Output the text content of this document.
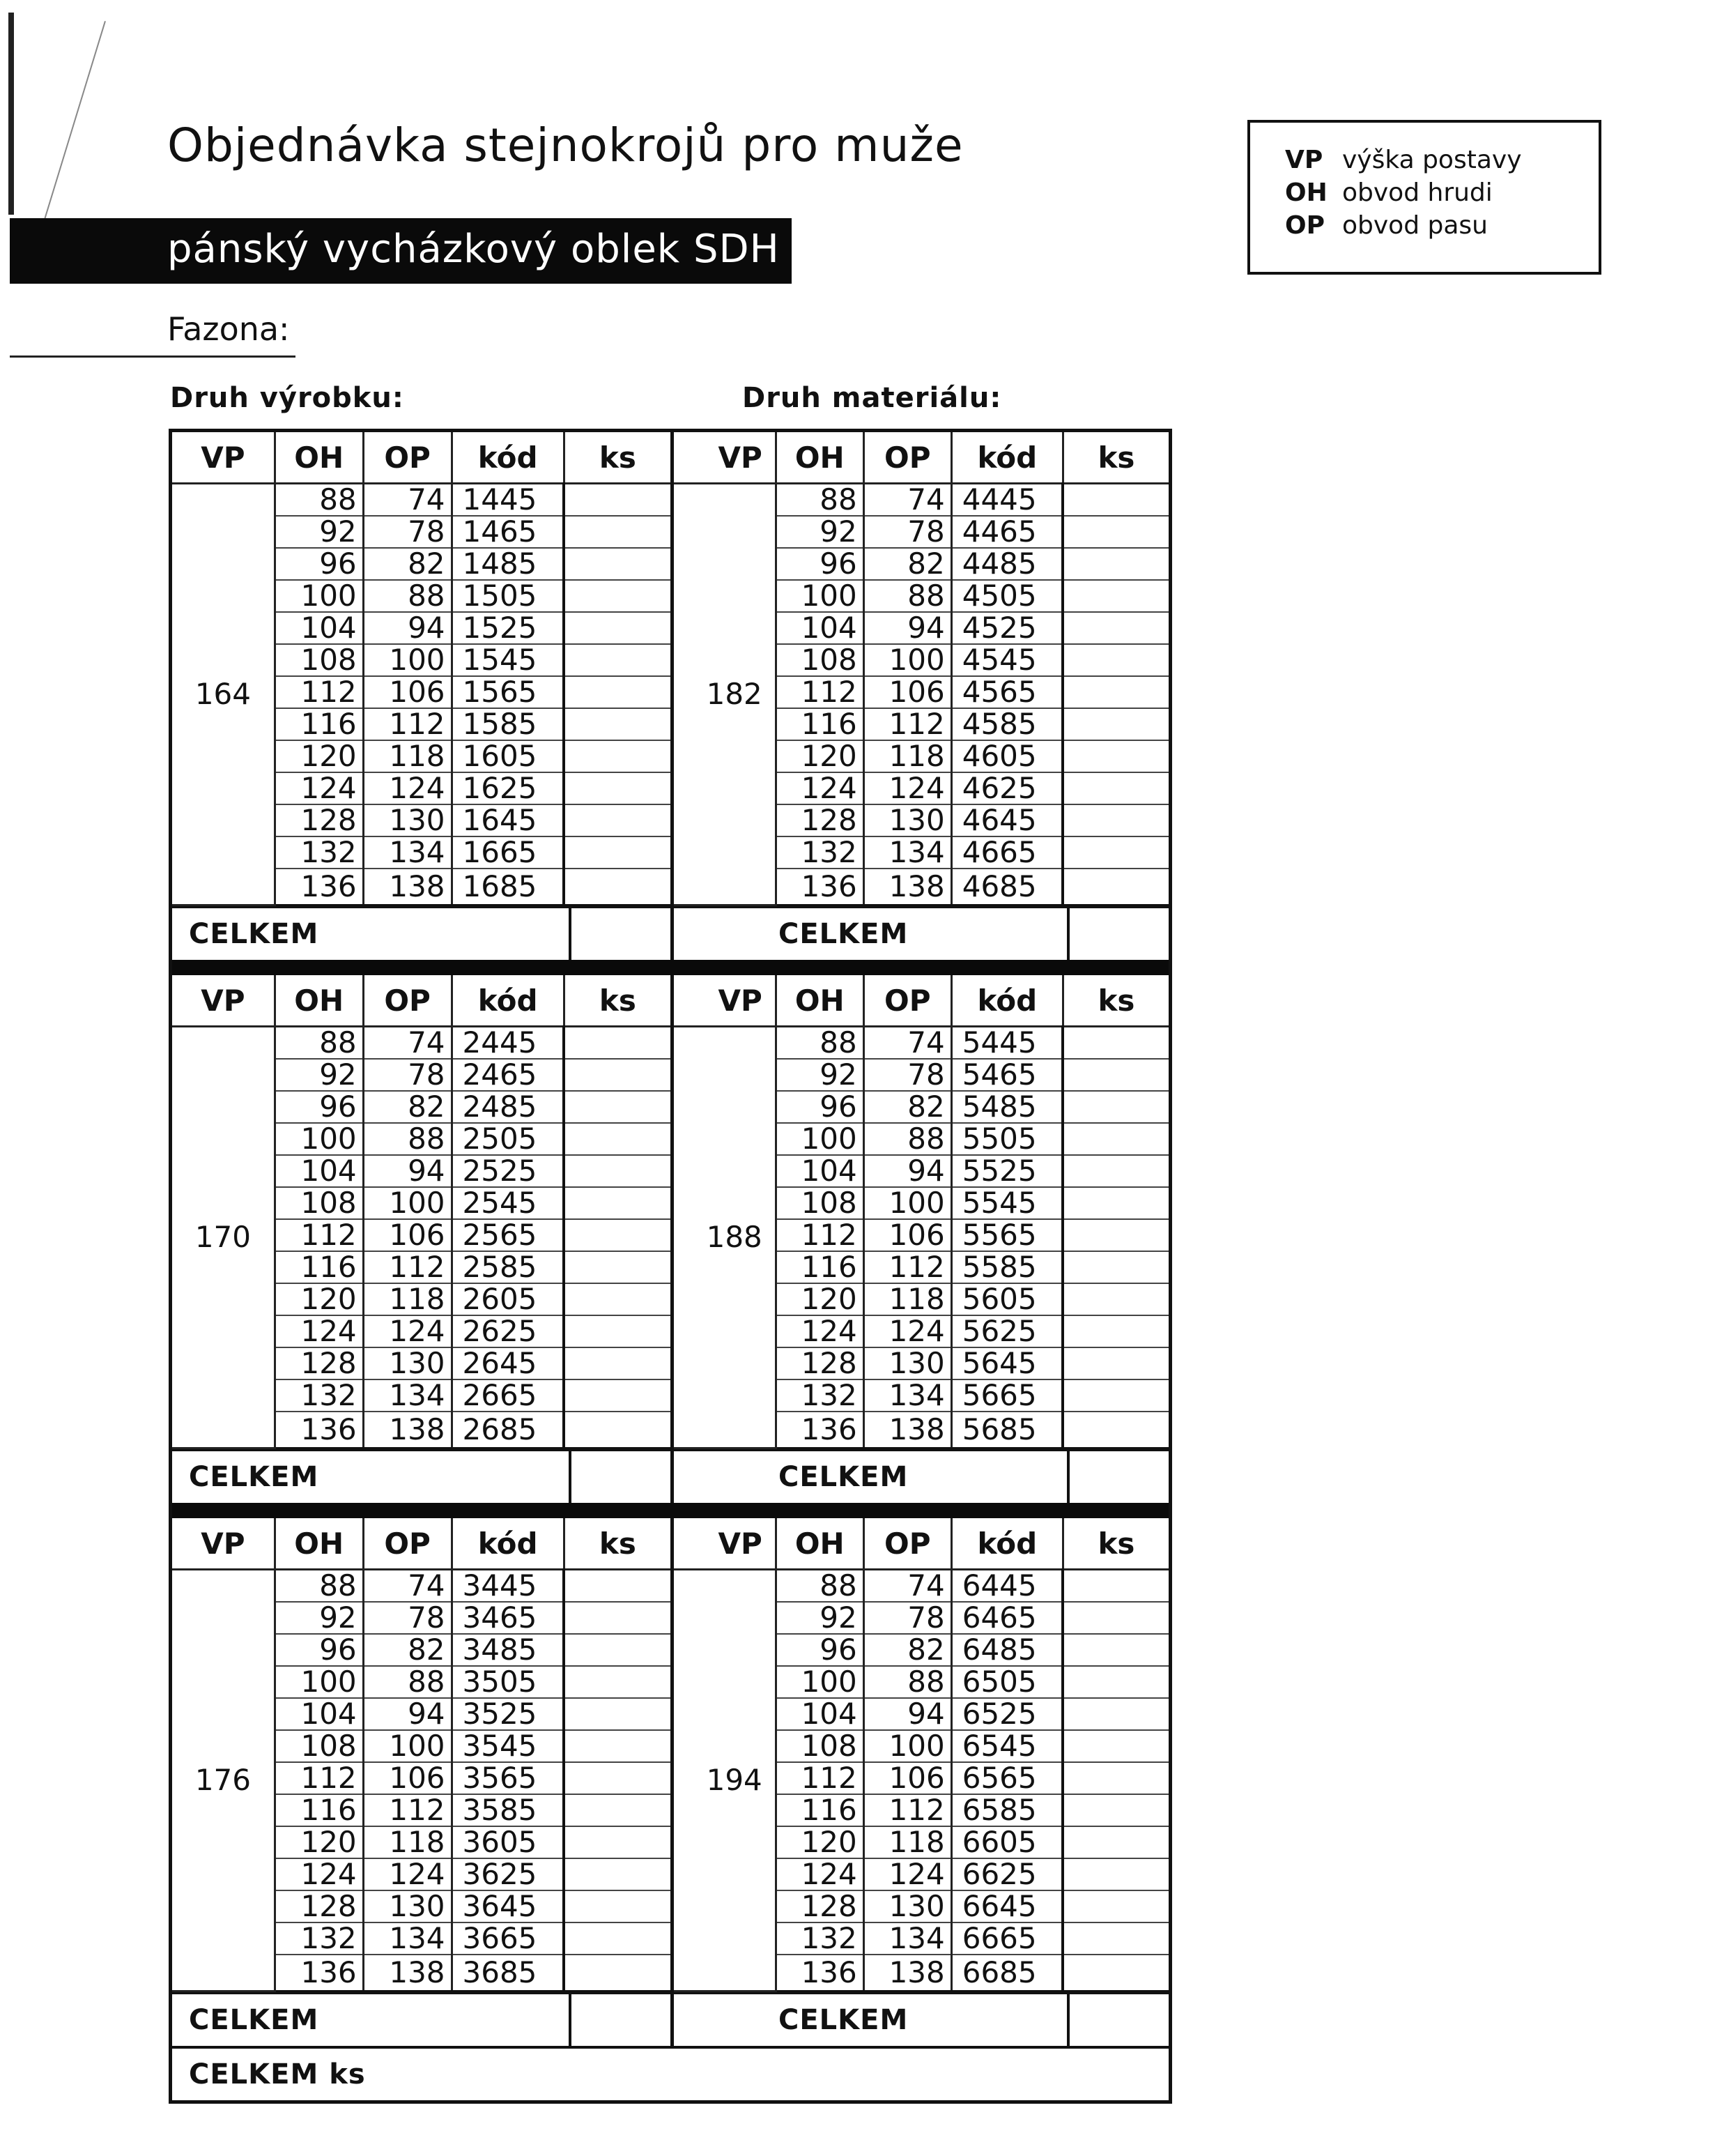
Objednávka stejnokrojů pro muže
pánský vycházkový oblek SDH
Fazona:
VP výška postavy
OH obvod hrudi
OP obvod pasu
Druh výrobku:	Druh materiálu:
VP	OH	OP	kód	ks
164	88	74	1445	
	92	78	1465	
	96	82	1485	
	100	88	1505	
	104	94	1525	
	108	100	1545	
	112	106	1565	
	116	112	1585	
	120	118	1605	
	124	124	1625	
	128	130	1645	
	132	134	1665	
	136	138	1685	
CELKEM
VP	OH	OP	kód	ks
182	88	74	4445	
	92	78	4465	
	96	82	4485	
	100	88	4505	
	104	94	4525	
	108	100	4545	
	112	106	4565	
	116	112	4585	
	120	118	4605	
	124	124	4625	
	128	130	4645	
	132	134	4665	
	136	138	4685	
CELKEM
VP	OH	OP	kód	ks
170	88	74	2445	
	92	78	2465	
	96	82	2485	
	100	88	2505	
	104	94	2525	
	108	100	2545	
	112	106	2565	
	116	112	2585	
	120	118	2605	
	124	124	2625	
	128	130	2645	
	132	134	2665	
	136	138	2685	
CELKEM
VP	OH	OP	kód	ks
188	88	74	5445	
	92	78	5465	
	96	82	5485	
	100	88	5505	
	104	94	5525	
	108	100	5545	
	112	106	5565	
	116	112	5585	
	120	118	5605	
	124	124	5625	
	128	130	5645	
	132	134	5665	
	136	138	5685	
CELKEM
VP	OH	OP	kód	ks
176	88	74	3445	
	92	78	3465	
	96	82	3485	
	100	88	3505	
	104	94	3525	
	108	100	3545	
	112	106	3565	
	116	112	3585	
	120	118	3605	
	124	124	3625	
	128	130	3645	
	132	134	3665	
	136	138	3685	
CELKEM
VP	OH	OP	kód	ks
194	88	74	6445	
	92	78	6465	
	96	82	6485	
	100	88	6505	
	104	94	6525	
	108	100	6545	
	112	106	6565	
	116	112	6585	
	120	118	6605	
	124	124	6625	
	128	130	6645	
	132	134	6665	
	136	138	6685	
CELKEM
CELKEM ks
